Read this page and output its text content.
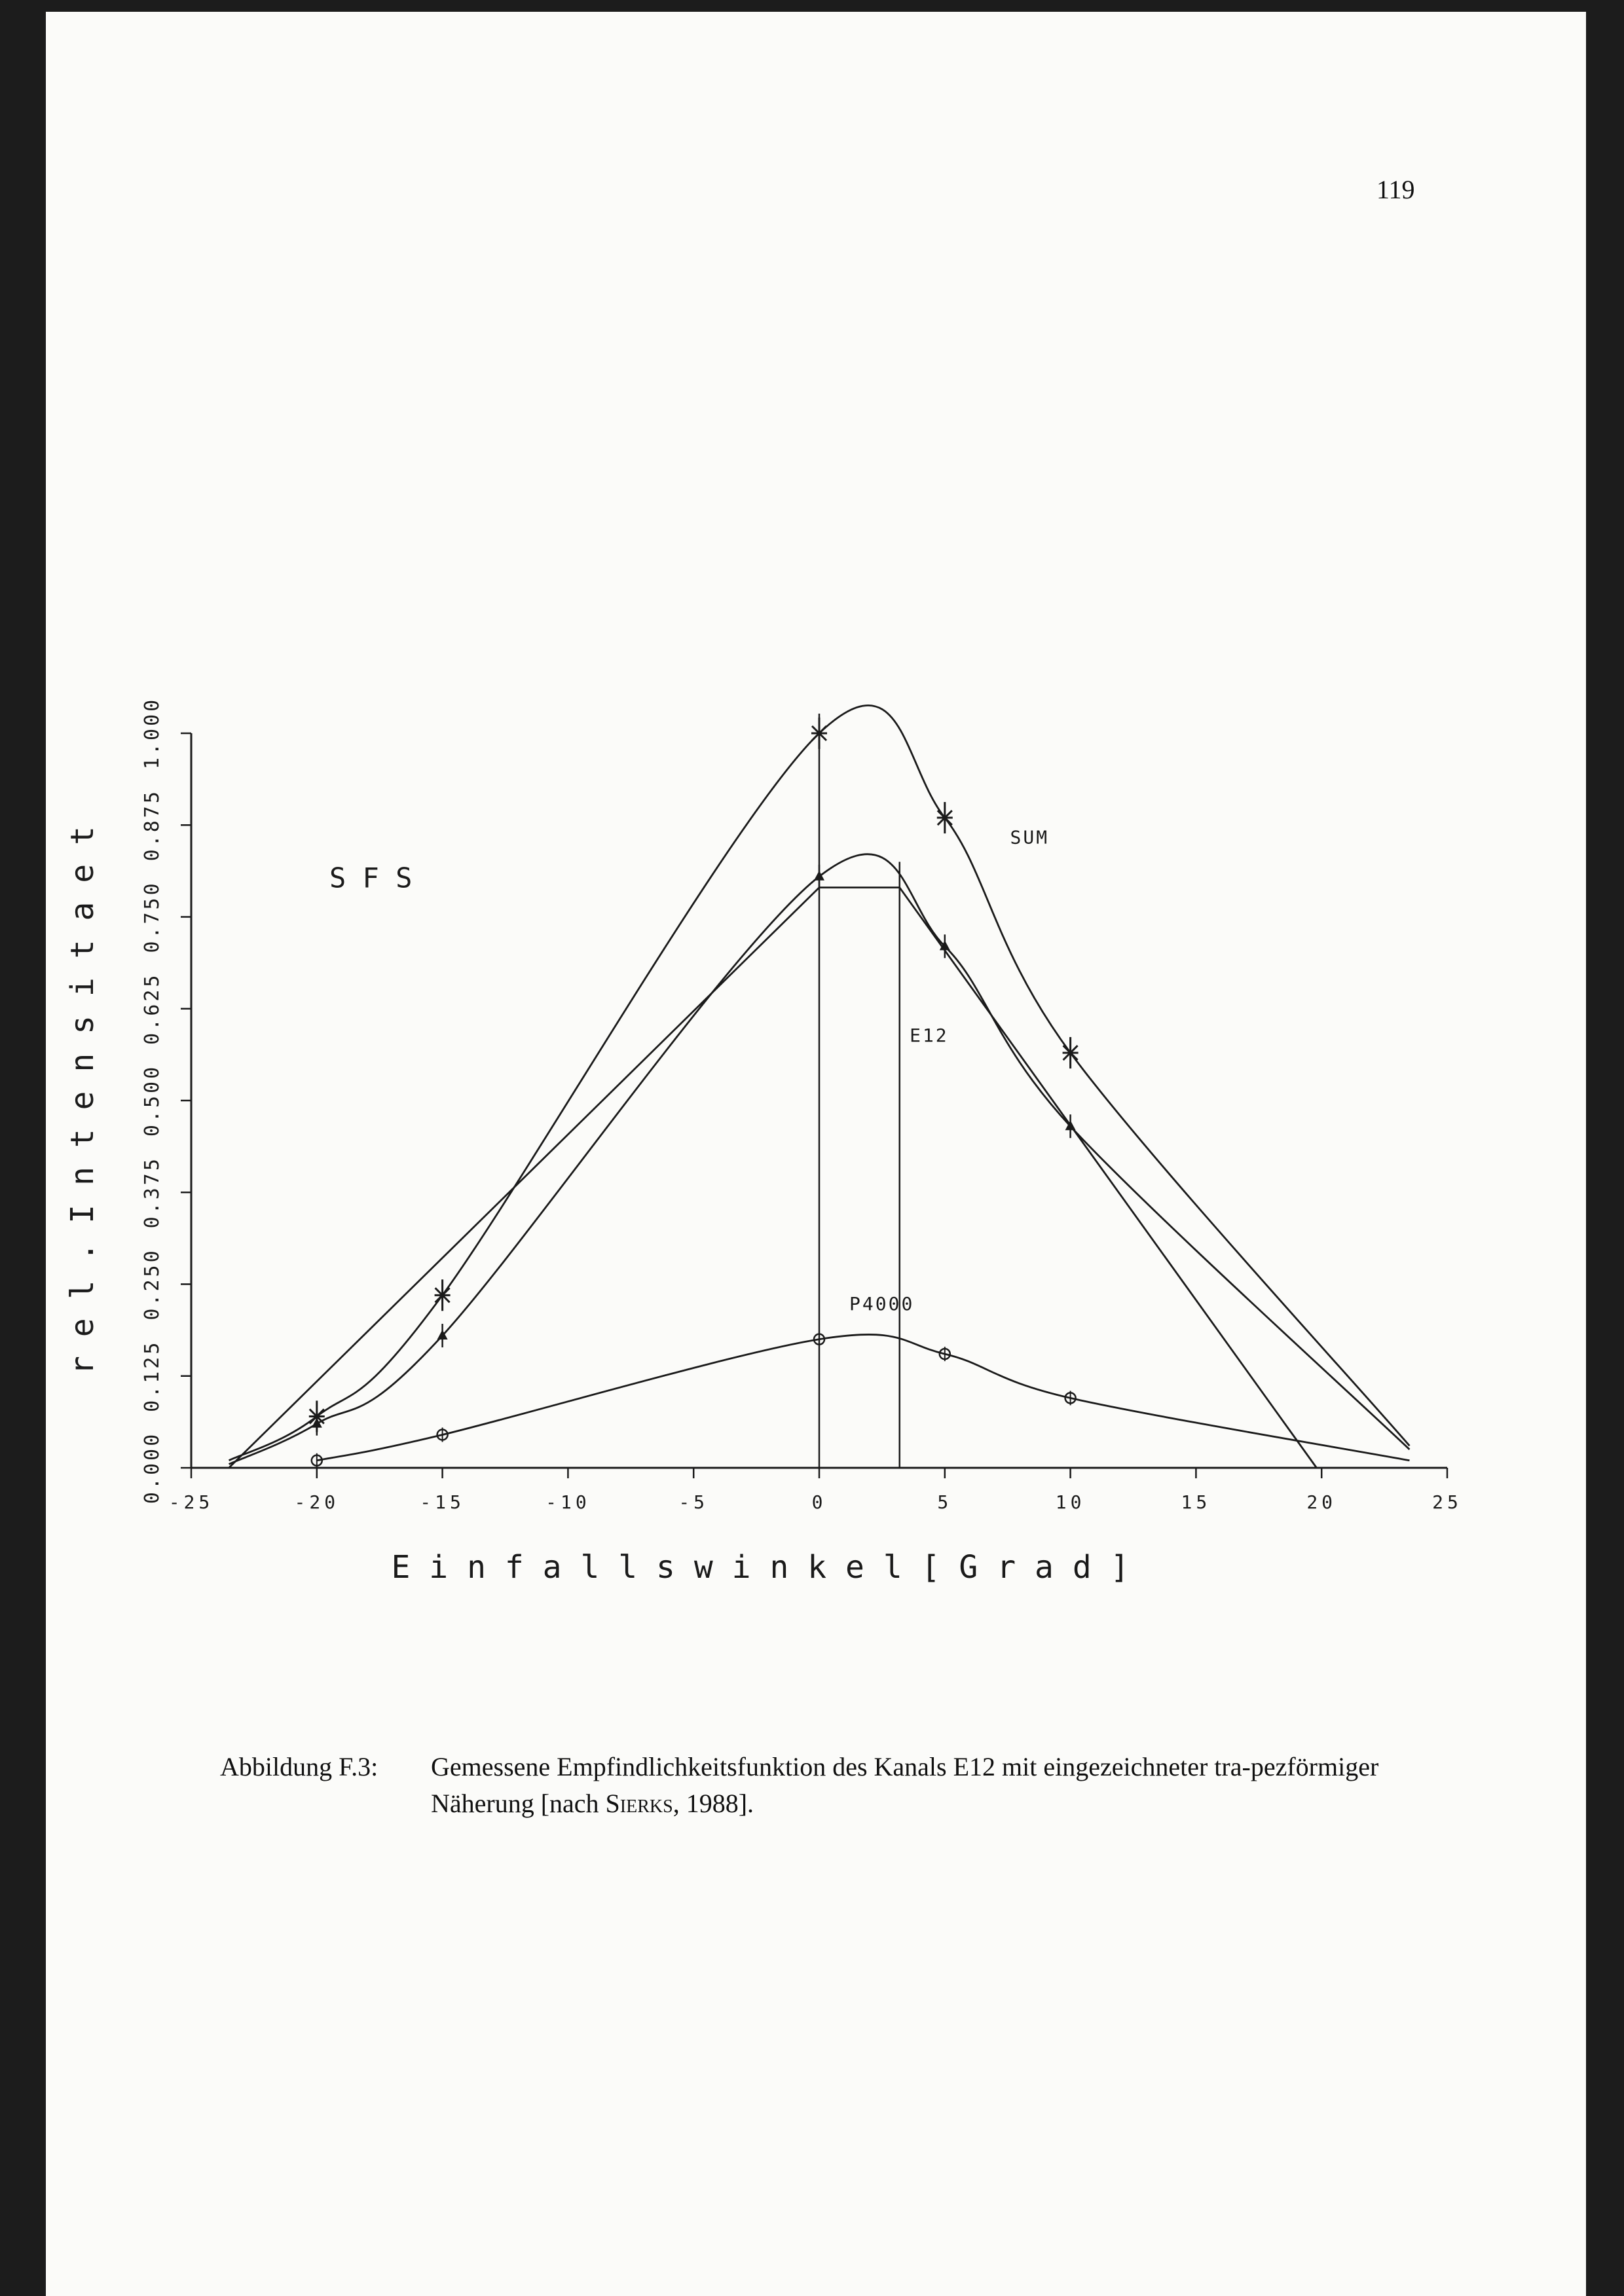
119
-25	-20	-15	-10	-5	0	5	10	15	20	25
0.000
0.125
0.250
0.375
0.500
0.625
0.750
0.875
1.000
E i n f a l l s w i n k e l [ G r a d ]
r e l . I n t e n s i t a e t	S F S
SUM
E12
P4000
Abbildung F.3: Gemessene Empfindlichkeitsfunktion des Kanals E12 mit eingezeichneter tra-pezförmiger Näherung [nach Sierks, 1988].
